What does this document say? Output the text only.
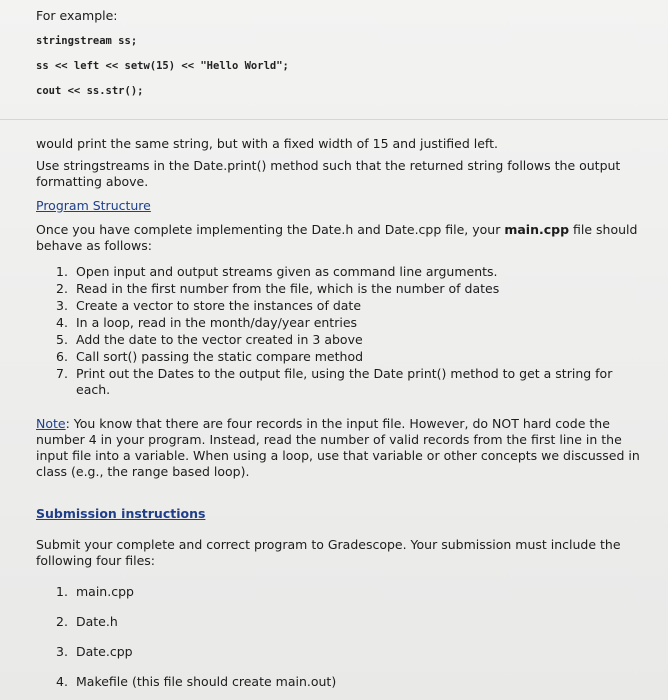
For example:
stringstream ss;
ss << left << setw(15) << "Hello World";
cout << ss.str();
would print the same string, but with a fixed width of 15 and justified left.
Use stringstreams in the Date.print() method such that the returned string follows the output
formatting above.
Program Structure
Once you have complete implementing the Date.h and Date.cpp file, your main.cpp file should
behave as follows:
1. Open input and output streams given as command line arguments.
2. Read in the first number from the file, which is the number of dates
3. Create a vector to store the instances of date
4. In a loop, read in the month/day/year entries
5. Add the date to the vector created in 3 above
6. Call sort() passing the static compare method
7. Print out the Dates to the output file, using the Date print() method to get a string for
each.
Note: You know that there are four records in the input file. However, do NOT hard code the
number 4 in your program. Instead, read the number of valid records from the first line in the
input file into a variable. When using a loop, use that variable or other concepts we discussed in
class (e.g., the range based loop).
Submission instructions
Submit your complete and correct program to Gradescope. Your submission must include the
following four files:
1. main.cpp
2. Date.h
3. Date.cpp
4. Makefile (this file should create main.out)
